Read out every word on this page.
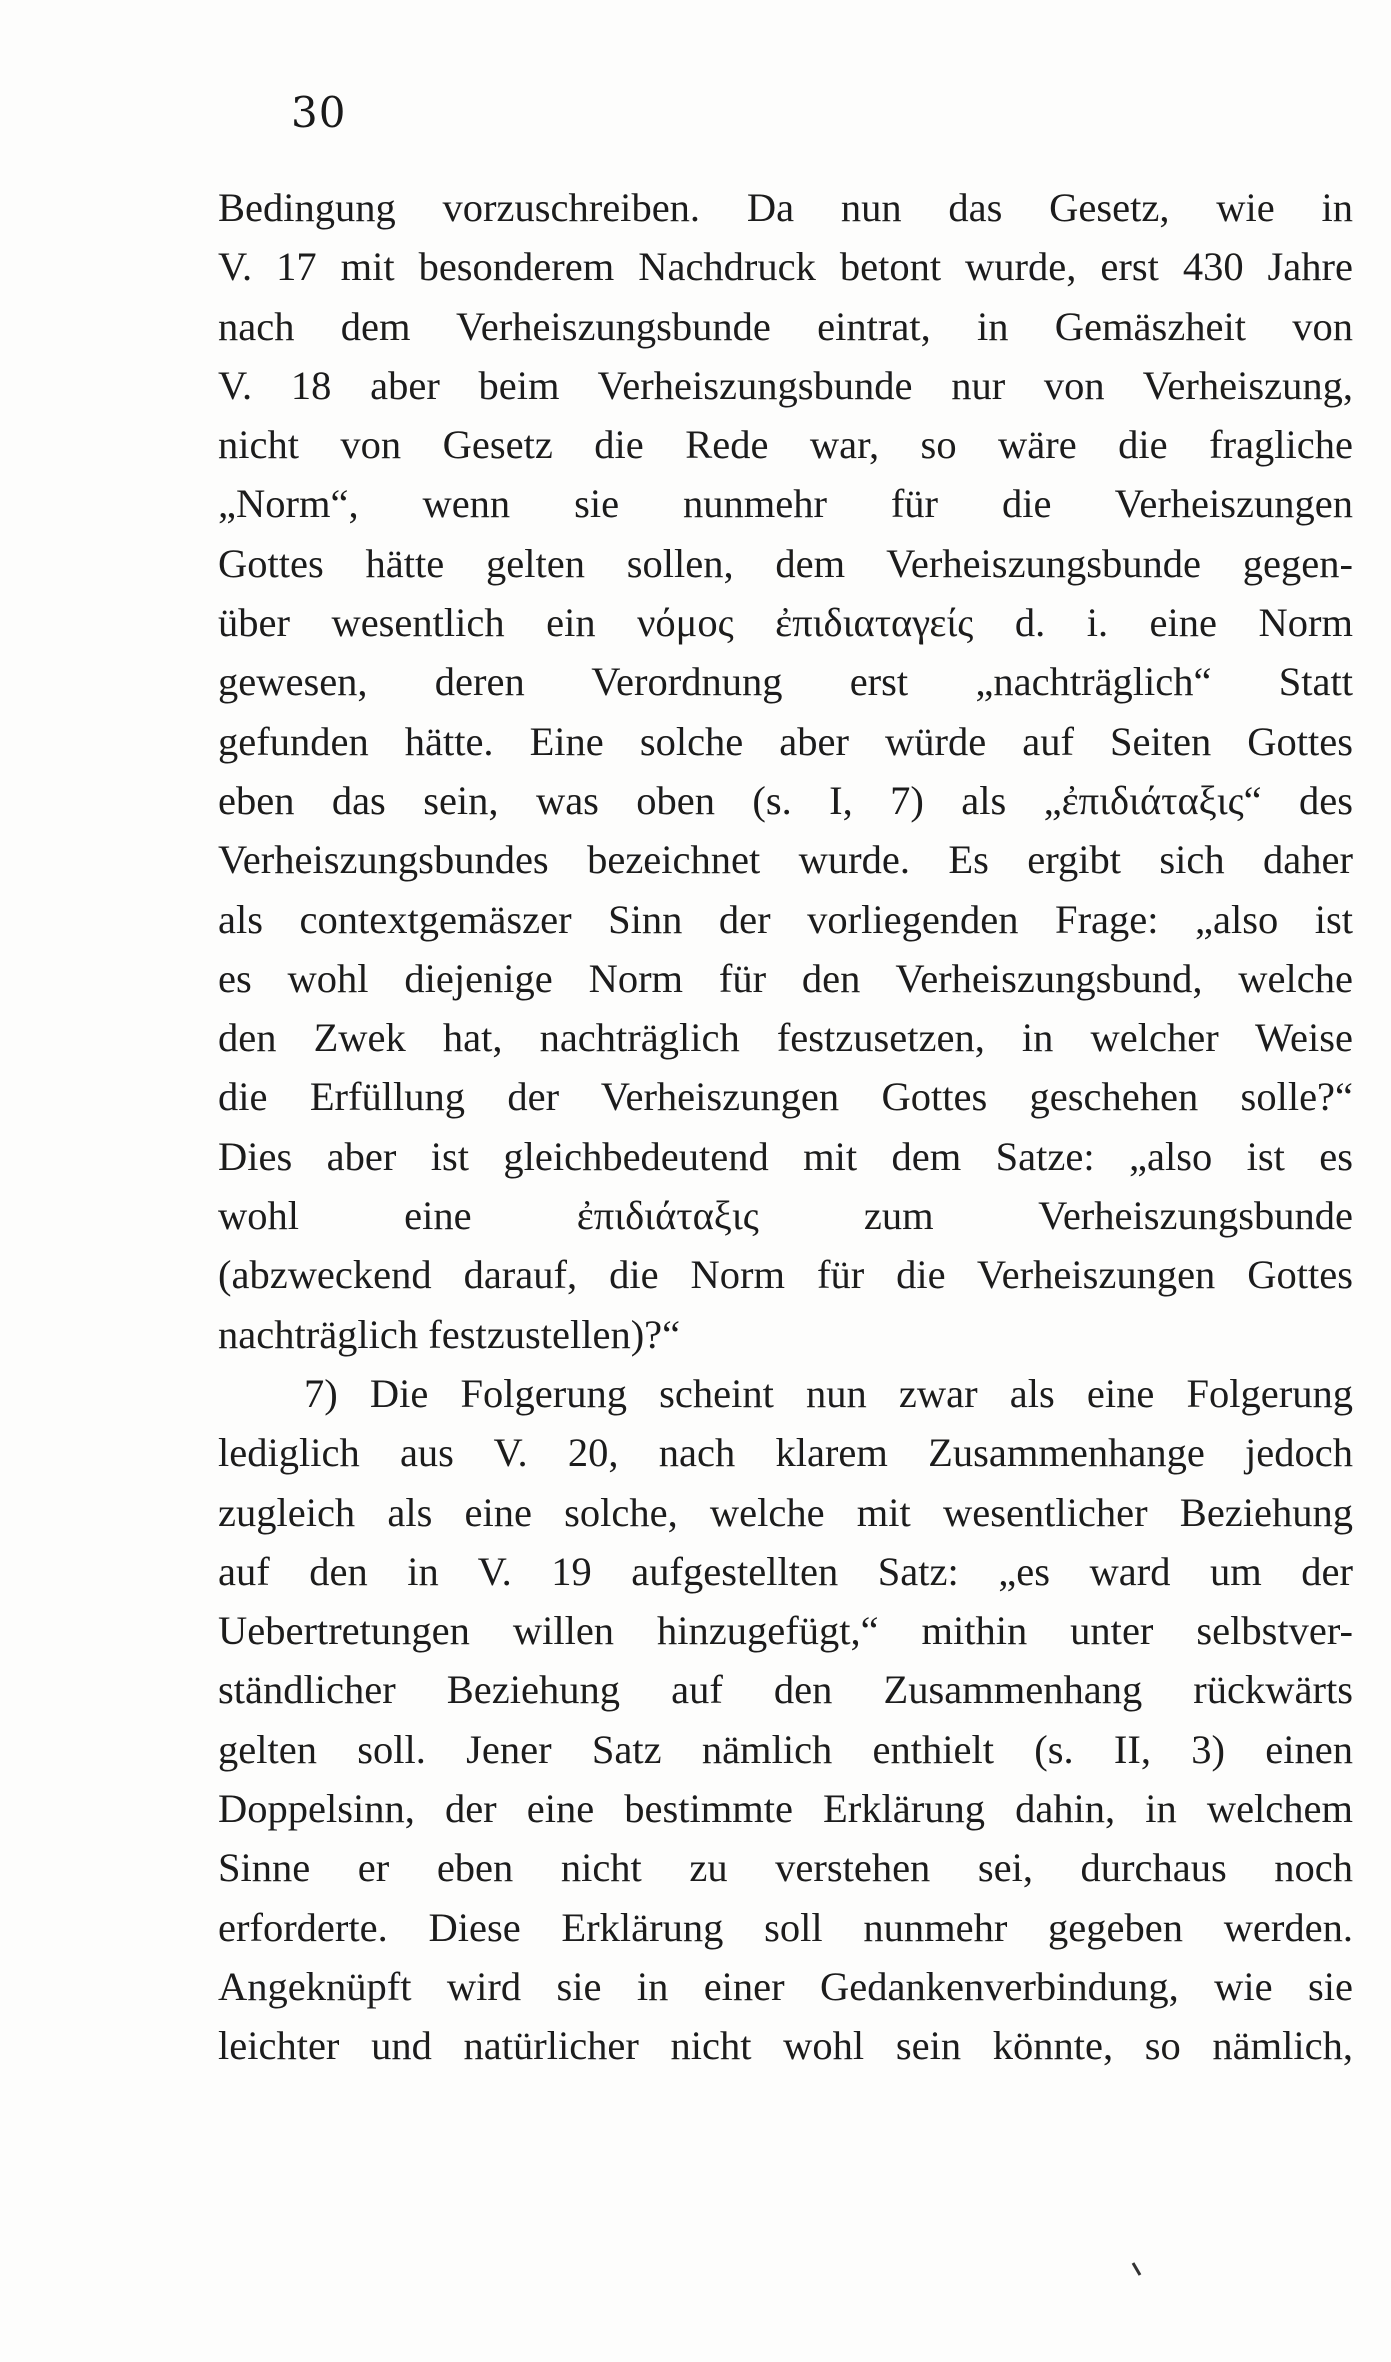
30
Bedingung vorzuschreiben. Da nun das Gesetz, wie in
V. 17 mit besonderem Nachdruck betont wurde, erst 430 Jahre
nach dem Verheiszungsbunde eintrat, in Gemäszheit von
V. 18 aber beim Verheiszungsbunde nur von Verheiszung,
nicht von Gesetz die Rede war, so wäre die fragliche
„Norm“, wenn sie nunmehr für die Verheiszungen
Gottes hätte gelten sollen, dem Verheiszungsbunde gegen-
über wesentlich ein νόμος ἐπιδιαταγείς d. i. eine Norm
gewesen, deren Verordnung erst „nachträglich“ Statt
gefunden hätte. Eine solche aber würde auf Seiten Gottes
eben das sein, was oben (s. I, 7) als „ἐπιδιάταξις“ des
Verheiszungsbundes bezeichnet wurde. Es ergibt sich daher
als contextgemäszer Sinn der vorliegenden Frage: „also ist
es wohl diejenige Norm für den Verheiszungsbund, welche
den Zwek hat, nachträglich festzusetzen, in welcher Weise
die Erfüllung der Verheiszungen Gottes geschehen solle?“
Dies aber ist gleichbedeutend mit dem Satze: „also ist es
wohl eine ἐπιδιάταξις zum Verheiszungsbunde
(abzweckend darauf, die Norm für die Verheiszungen Gottes
nachträglich festzustellen)?“
7) Die Folgerung scheint nun zwar als eine Folgerung
lediglich aus V. 20, nach klarem Zusammenhange jedoch
zugleich als eine solche, welche mit wesentlicher Beziehung
auf den in V. 19 aufgestellten Satz: „es ward um der
Uebertretungen willen hinzugefügt,“ mithin unter selbstver-
ständlicher Beziehung auf den Zusammenhang rückwärts
gelten soll. Jener Satz nämlich enthielt (s. II, 3) einen
Doppelsinn, der eine bestimmte Erklärung dahin, in welchem
Sinne er eben nicht zu verstehen sei, durchaus noch
erforderte. Diese Erklärung soll nunmehr gegeben werden.
Angeknüpft wird sie in einer Gedankenverbindung, wie sie
leichter und natürlicher nicht wohl sein könnte, so nämlich,
